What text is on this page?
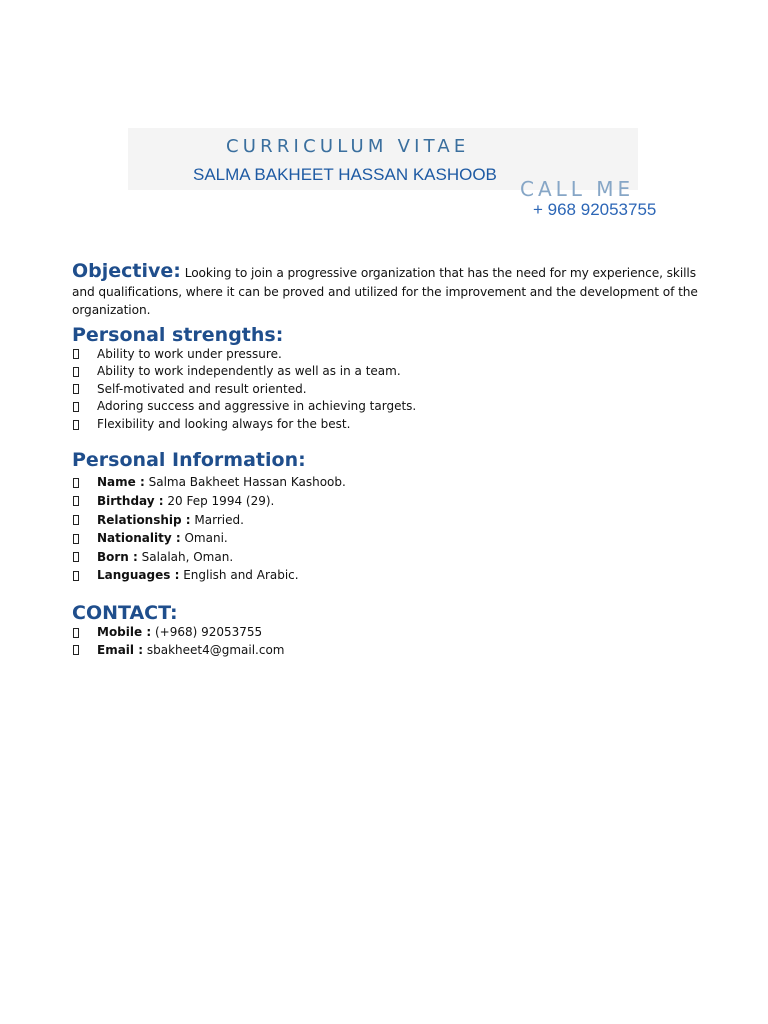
CURRICULUM VITAE
SALMA BAKHEET HASSAN KASHOOB
CALL ME
+ 968 92053755

Objective: Looking to join a progressive organization that has the need for my experience, skills and qualifications, where it can be proved and utilized for the improvement and the development of the organization.

Personal strengths:
Ability to work under pressure.
Ability to work independently as well as in a team.
Self-motivated and result oriented.
Adoring success and aggressive in achieving targets.
Flexibility and looking always for the best.
Personal Information:
Name : Salma Bakheet Hassan Kashoob.
Birthday : 20 Fep 1994 (29).
Relationship : Married.
Nationality : Omani.
Born : Salalah, Oman.
Languages : English and Arabic.
CONTACT:
Mobile : (+968) 92053755
Email : sbakheet4@gmail.com
